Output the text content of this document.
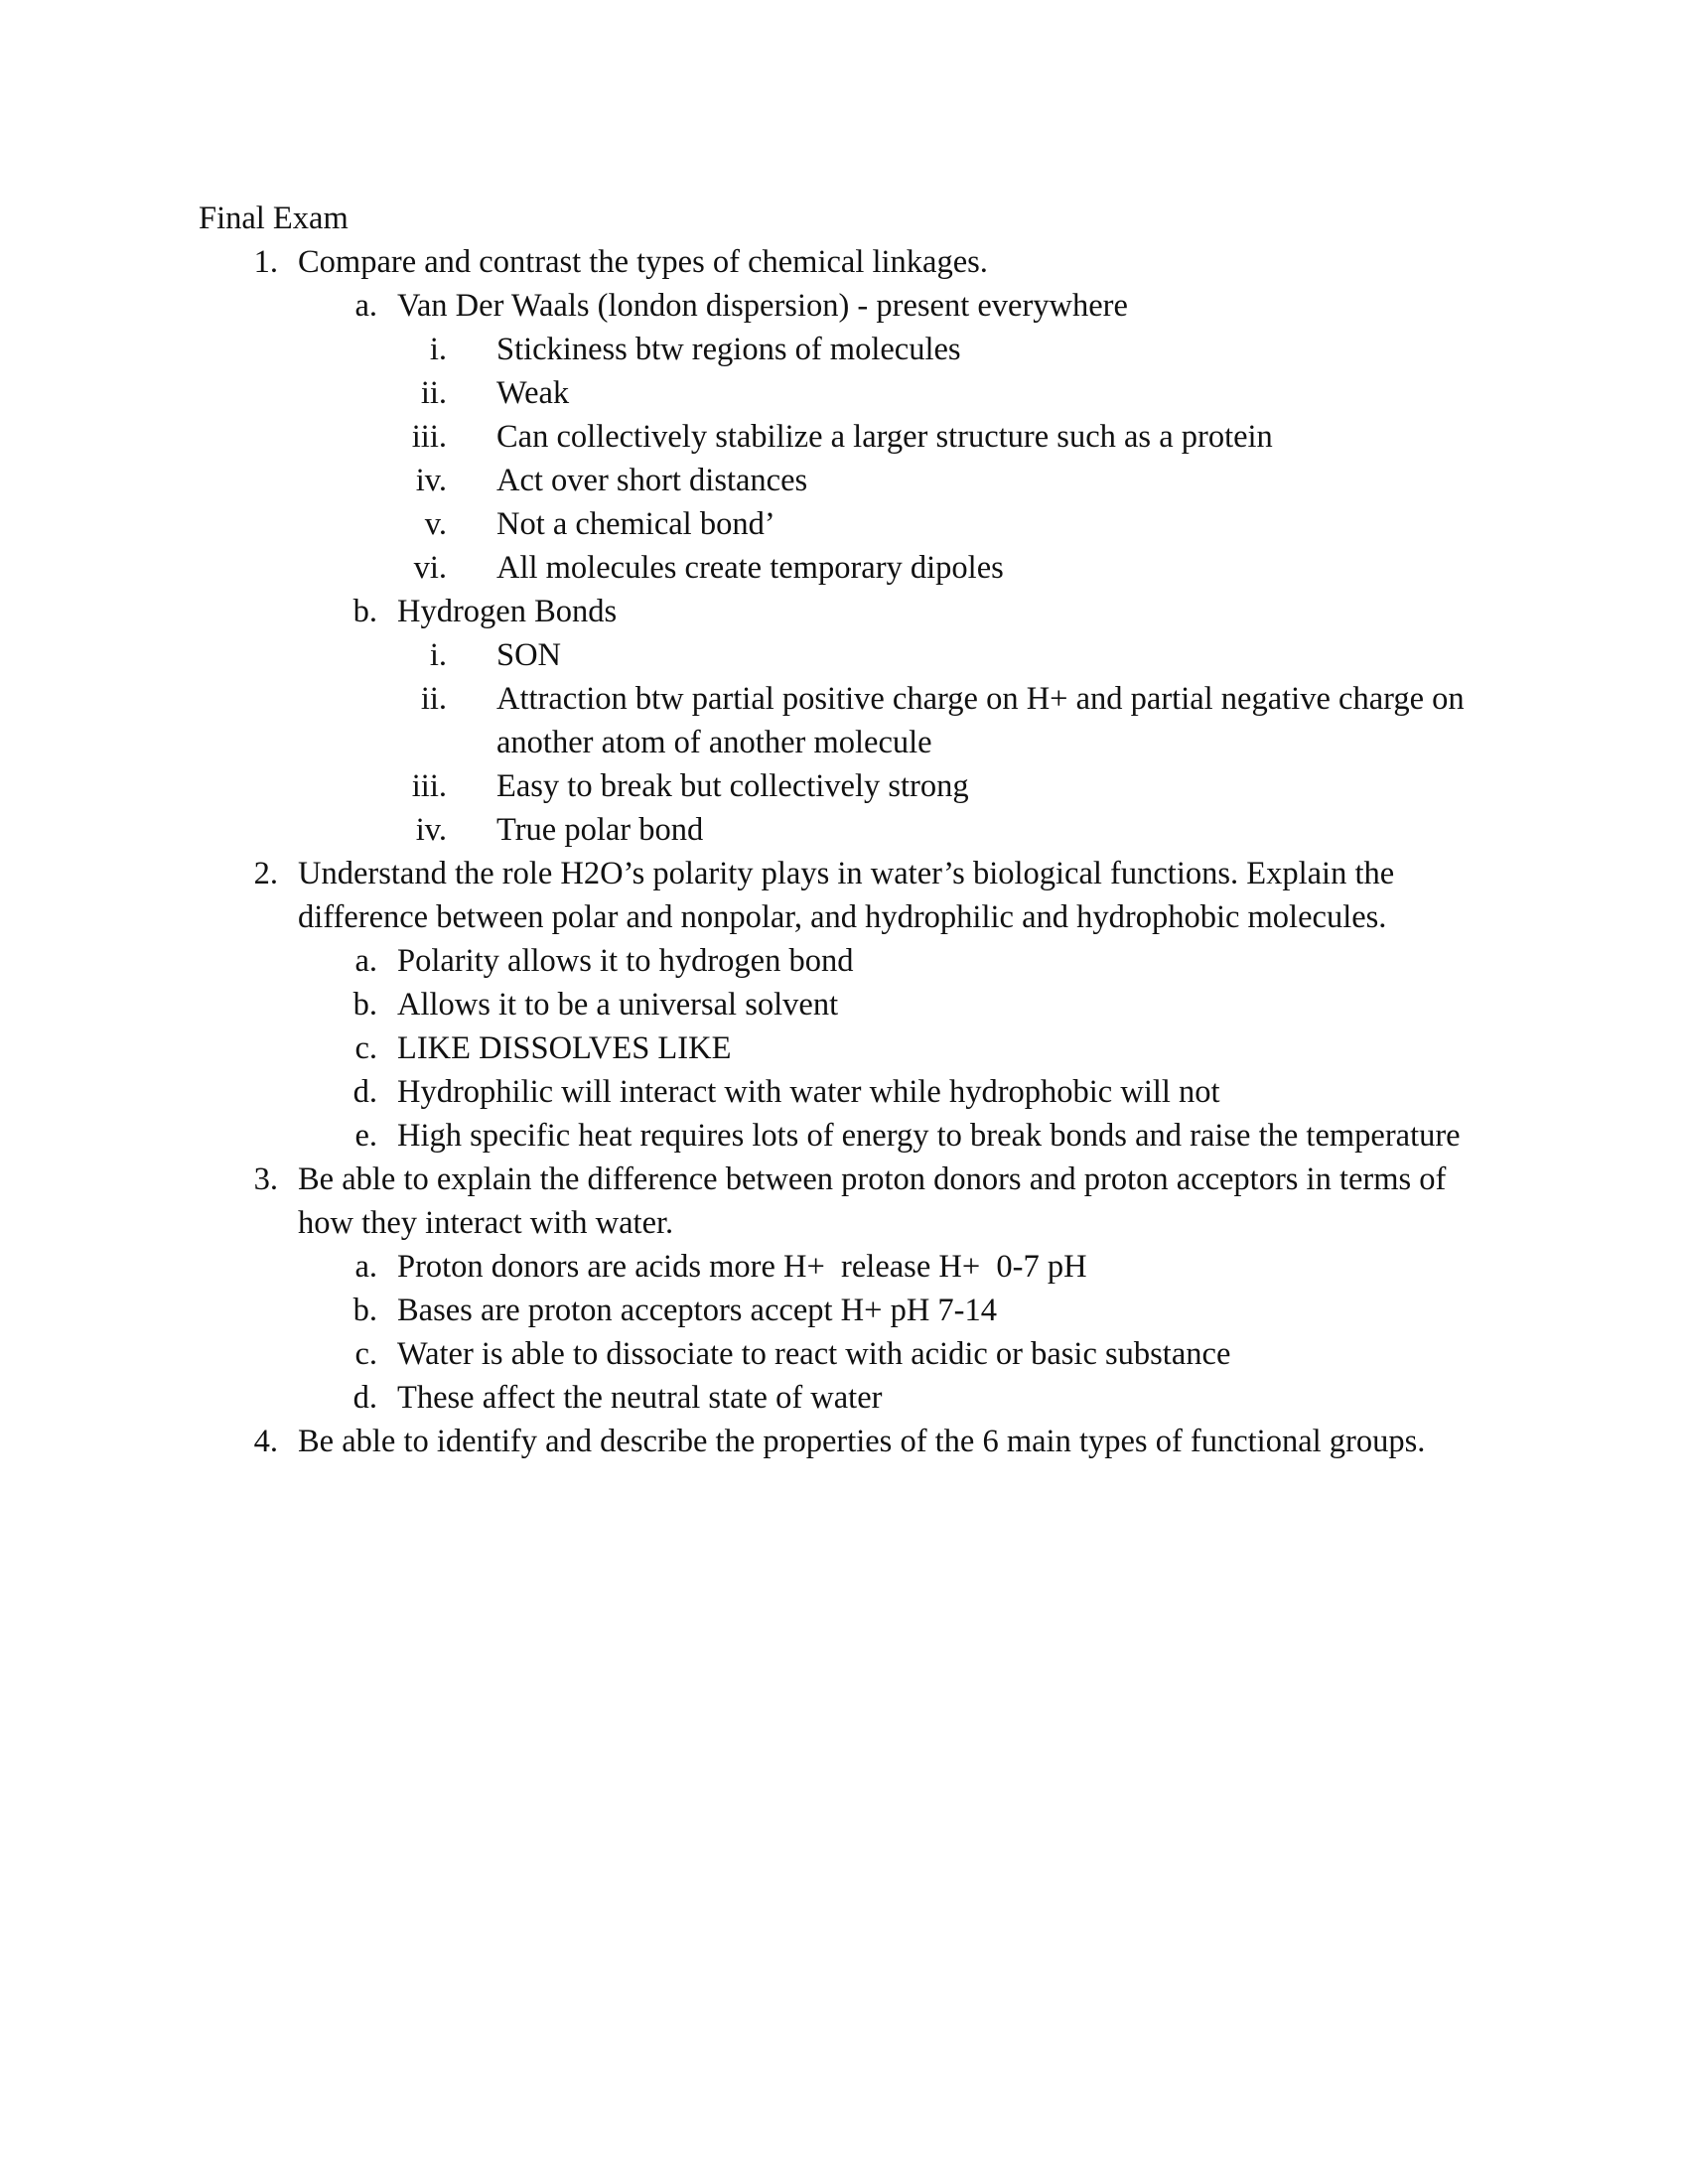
Final Exam

1. Compare and contrast the types of chemical linkages.
a. Van Der Waals (london dispersion) - present everywhere
i. Stickiness btw regions of molecules
ii. Weak
iii. Can collectively stabilize a larger structure such as a protein
iv. Act over short distances
v. Not a chemical bond’
vi. All molecules create temporary dipoles
b. Hydrogen Bonds
i. SON
ii. Attraction btw partial positive charge on H+ and partial negative charge on another atom of another molecule
iii. Easy to break but collectively strong
iv. True polar bond
2. Understand the role H2O’s polarity plays in water’s biological functions. Explain the difference between polar and nonpolar, and hydrophilic and hydrophobic molecules.
a. Polarity allows it to hydrogen bond
b. Allows it to be a universal solvent
c. LIKE DISSOLVES LIKE
d. Hydrophilic will interact with water while hydrophobic will not
e. High specific heat requires lots of energy to break bonds and raise the temperature
3. Be able to explain the difference between proton donors and proton acceptors in terms of how they interact with water.
a. Proton donors are acids more H+  release H+  0-7 pH
b. Bases are proton acceptors accept H+ pH 7-14
c. Water is able to dissociate to react with acidic or basic substance
d. These affect the neutral state of water
4. Be able to identify and describe the properties of the 6 main types of functional groups.
